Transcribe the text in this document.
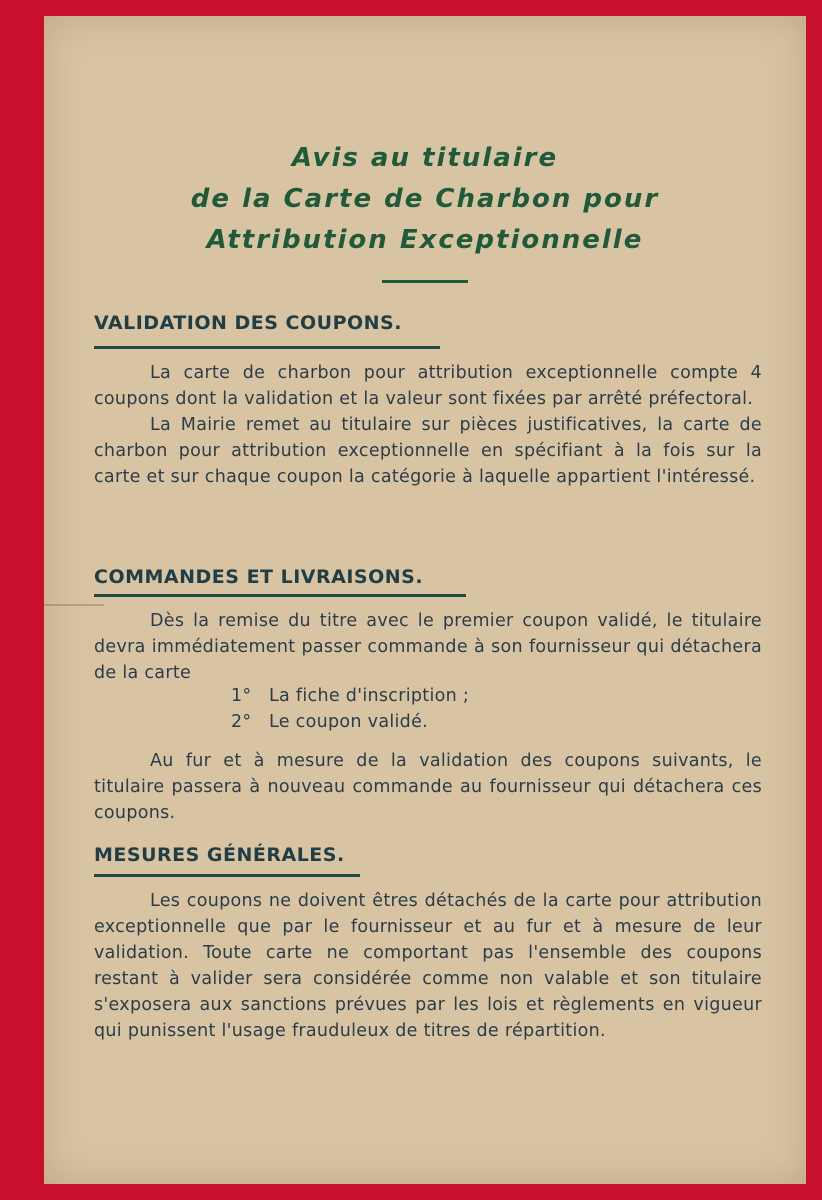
Avis au titulaire
de la Carte de Charbon pour
Attribution Exceptionnelle
VALIDATION DES COUPONS.

La carte de charbon pour attribution exceptionnelle compte 4 coupons dont la validation et la valeur sont fixées par arrêté préfectoral.

La Mairie remet au titulaire sur pièces justificatives, la carte de charbon pour attribution exceptionnelle en spécifiant à la fois sur la carte et sur chaque coupon la catégorie à laquelle appartient l'intéressé.

COMMANDES ET LIVRAISONS.

Dès la remise du titre avec le premier coupon validé, le titulaire devra immédiatement passer commande à son fournisseur qui détachera de la carte

1° La fiche d'inscription ;
2° Le coupon validé.

Au fur et à mesure de la validation des coupons suivants, le titulaire passera à nouveau commande au fournisseur qui détachera ces coupons.

MESURES GÉNÉRALES.

Les coupons ne doivent êtres détachés de la carte pour attribution exceptionnelle que par le fournisseur et au fur et à mesure de leur validation. Toute carte ne comportant pas l'ensemble des coupons restant à valider sera considérée comme non valable et son titulaire s'exposera aux sanctions prévues par les lois et règlements en vigueur qui punissent l'usage frauduleux de titres de répartition.
